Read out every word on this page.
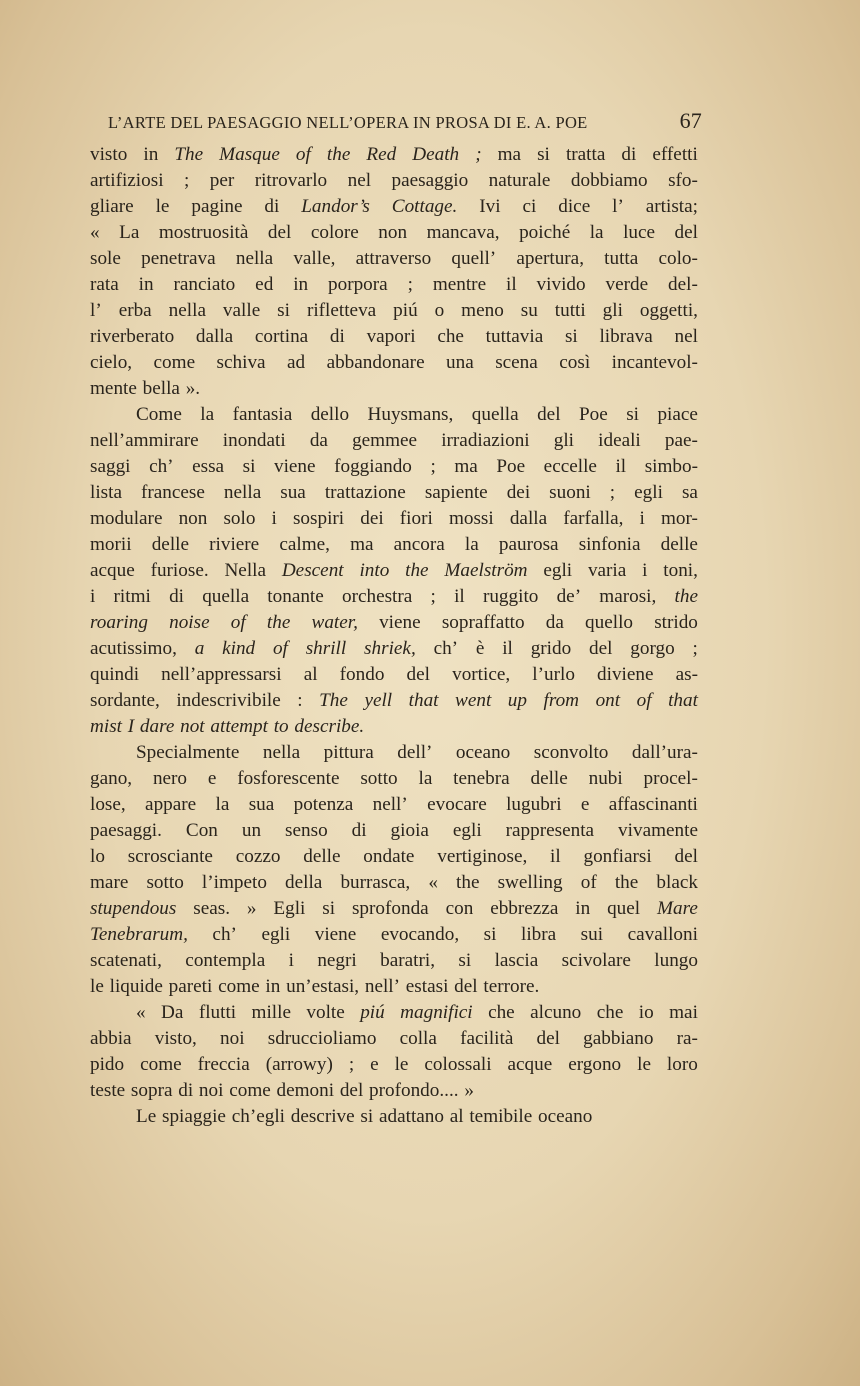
L’ARTE DEL PAESAGGIO NELL’OPERA IN PROSA DI E. A. POE	67
visto in The Masque of the Red Death ; ma si tratta di effetti
artifiziosi ; per ritrovarlo nel paesaggio naturale dobbiamo sfo-
gliare le pagine di Landor’s Cottage. Ivi ci dice l’ artista;
« La mostruosità del colore non mancava, poiché la luce del
sole penetrava nella valle, attraverso quell’ apertura, tutta colo-
rata in ranciato ed in porpora ; mentre il vivido verde del-
l’ erba nella valle si rifletteva piú o meno su tutti gli oggetti,
riverberato dalla cortina di vapori che tuttavia si librava nel
cielo, come schiva ad abbandonare una scena così incantevol-
mente bella ».
Come la fantasia dello Huysmans, quella del Poe si piace
nell’ammirare inondati da gemmee irradiazioni gli ideali pae-
saggi ch’ essa si viene foggiando ; ma Poe eccelle il simbo-
lista francese nella sua trattazione sapiente dei suoni ; egli sa
modulare non solo i sospiri dei fiori mossi dalla farfalla, i mor-
morii delle riviere calme, ma ancora la paurosa sinfonia delle
acque furiose. Nella Descent into the Maelström egli varia i toni,
i ritmi di quella tonante orchestra ; il ruggito de’ marosi, the
roaring noise of the water, viene sopraffatto da quello strido
acutissimo, a kind of shrill shriek, ch’ è il grido del gorgo ;
quindi nell’appressarsi al fondo del vortice, l’urlo diviene as-
sordante, indescrivibile : The yell that went up from ont of that
mist I dare not attempt to describe.
Specialmente nella pittura dell’ oceano sconvolto dall’ura-
gano, nero e fosforescente sotto la tenebra delle nubi procel-
lose, appare la sua potenza nell’ evocare lugubri e affascinanti
paesaggi. Con un senso di gioia egli rappresenta vivamente
lo scrosciante cozzo delle ondate vertiginose, il gonfiarsi del
mare sotto l’impeto della burrasca, « the swelling of the black
stupendous seas. » Egli si sprofonda con ebbrezza in quel Mare
Tenebrarum, ch’ egli viene evocando, si libra sui cavalloni
scatenati, contempla i negri baratri, si lascia scivolare lungo
le liquide pareti come in un’estasi, nell’ estasi del terrore.
« Da flutti mille volte piú magnifici che alcuno che io mai
abbia visto, noi sdruccioliamo colla facilità del gabbiano ra-
pido come freccia (arrowy) ; e le colossali acque ergono le loro
teste sopra di noi come demoni del profondo.... »
Le spiaggie ch’egli descrive si adattano al temibile oceano
